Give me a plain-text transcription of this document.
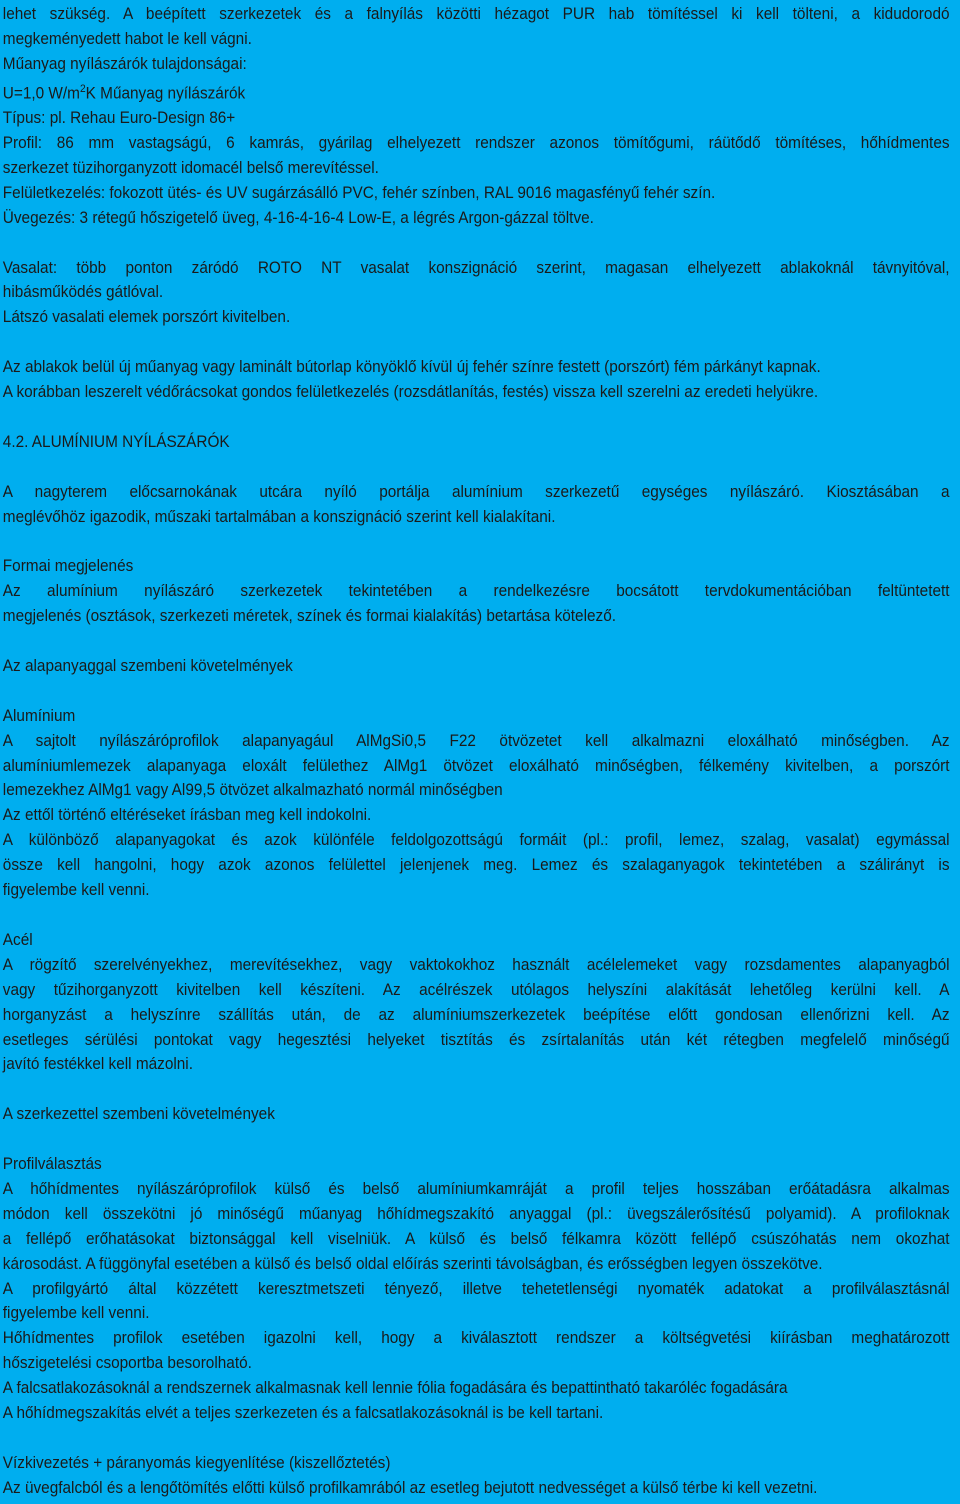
lehet szükség. A beépített szerkezetek és a falnyílás közötti hézagot PUR hab tömítéssel ki kell tölteni, a kidudorodó

megkeményedett habot le kell vágni.

Műanyag nyílászárók tulajdonságai:

U=1,0 $W/m^2K$ Műanyag nyílászárók

Típus: pl. Rehau Euro-Design 86+

Profil: 86 mm vastagságú, 6 kamrás, gyárilag elhelyezett rendszer azonos tömítőgumi, ráütődő tömítéses, hőhídmentes

szerkezet tüzihorganyzott idomacél belső merevítéssel.

Felületkezelés: fokozott ütés- és UV sugárzásálló PVC, fehér színben, RAL 9016 magasfényű fehér szín.

Üvegezés: 3 rétegű hőszigetelő üveg, 4-16-4-16-4 Low-E, a légrés Argon-gázzal töltve.

Vasalat: több ponton záródó ROTO NT vasalat konszignáció szerint, magasan elhelyezett ablakoknál távnyitóval,

hibásműködés gátlóval.

Látszó vasalati elemek porszórt kivitelben.

Az ablakok belül új műanyag vagy laminált bútorlap könyöklő kívül új fehér színre festett (porszórt) fém párkányt kapnak.

A korábban leszerelt védőrácsokat gondos felületkezelés (rozsdátlanítás, festés) vissza kell szerelni az eredeti helyükre.

4.2. ALUMÍNIUM NYÍLÁSZÁRÓK

A nagyterem előcsarnokának utcára nyíló portálja alumínium szerkezetű egységes nyílászáró. Kiosztásában a

meglévőhöz igazodik, műszaki tartalmában a konszignáció szerint kell kialakítani.

Formai megjelenés

Az alumínium nyílászáró szerkezetek tekintetében a rendelkezésre bocsátott tervdokumentációban feltüntetett

megjelenés (osztások, szerkezeti méretek, színek és formai kialakítás) betartása kötelező.

Az alapanyaggal szembeni követelmények

Alumínium

A sajtolt nyílászáróprofilok alapanyagául AlMgSi0,5 F22 ötvözetet kell alkalmazni eloxálható minőségben. Az

alumíniumlemezek alapanyaga eloxált felülethez AlMg1 ötvözet eloxálható minőségben, félkemény kivitelben, a porszórt

lemezekhez AlMg1 vagy Al99,5 ötvözet alkalmazható normál minőségben

Az ettől történő eltéréseket írásban meg kell indokolni.

A különböző alapanyagokat és azok különféle feldolgozottságú formáit (pl.: profil, lemez, szalag, vasalat) egymással

össze kell hangolni, hogy azok azonos felülettel jelenjenek meg. Lemez és szalaganyagok tekintetében a szálirányt is

figyelembe kell venni.

Acél

A rögzítő szerelvényekhez, merevítésekhez, vagy vaktokokhoz használt acélelemeket vagy rozsdamentes alapanyagból

vagy tűzihorganyzott kivitelben kell készíteni. Az acélrészek utólagos helyszíni alakítását lehetőleg kerülni kell. A

horganyzást a helyszínre szállítás után, de az alumíniumszerkezetek beépítése előtt gondosan ellenőrizni kell. Az

esetleges sérülési pontokat vagy hegesztési helyeket tisztítás és zsírtalanítás után két rétegben megfelelő minőségű

javító festékkel kell mázolni.

A szerkezettel szembeni követelmények

Profilválasztás

A hőhídmentes nyílászáróprofilok külső és belső alumíniumkamráját a profil teljes hosszában erőátadásra alkalmas

módon kell összekötni jó minőségű műanyag hőhídmegszakító anyaggal (pl.: üvegszálerősítésű polyamid). A profiloknak

a fellépő erőhatásokat biztonsággal kell viselniük. A külső és belső félkamra között fellépő csúszóhatás nem okozhat

károsodást. A függönyfal esetében a külső és belső oldal előírás szerinti távolságban, és erősségben legyen összekötve.

A profilgyártó által közzétett keresztmetszeti tényező, illetve tehetetlenségi nyomaték adatokat a profilválasztásnál

figyelembe kell venni.

Hőhídmentes profilok esetében igazolni kell, hogy a kiválasztott rendszer a költségvetési kiírásban meghatározott

hőszigetelési csoportba besorolható.

A falcsatlakozásoknál a rendszernek alkalmasnak kell lennie fólia fogadására és bepattintható takaróléc fogadására

A hőhídmegszakítás elvét a teljes szerkezeten és a falcsatlakozásoknál is be kell tartani.

Vízkivezetés + páranyomás kiegyenlítése (kiszellőztetés)

Az üvegfalcból és a lengőtömítés előtti külső profilkamrából az esetleg bejutott nedvességet a külső térbe ki kell vezetni.
